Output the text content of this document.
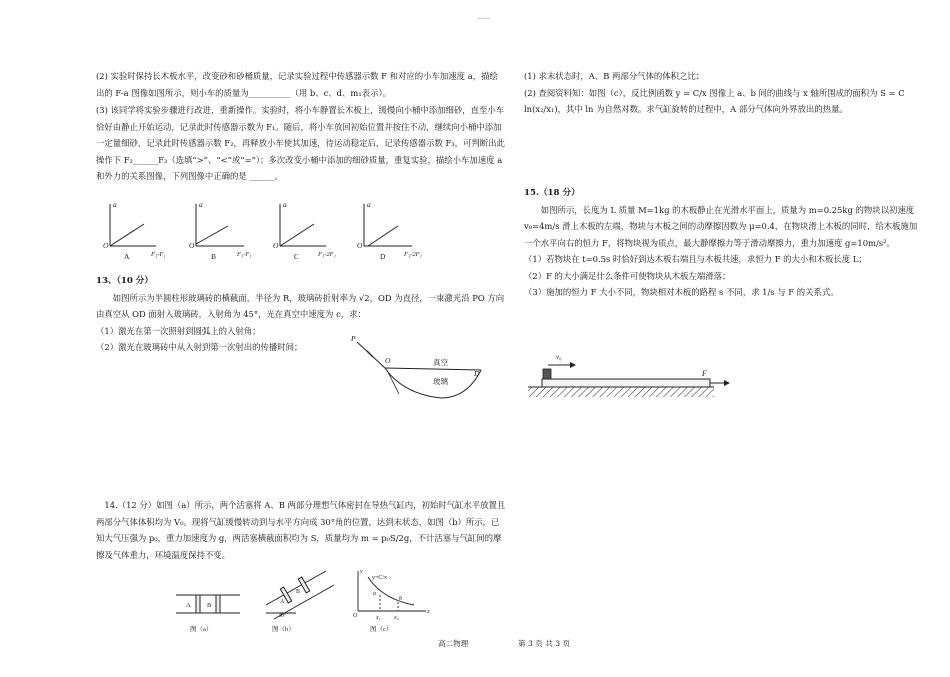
·ㅡ·
(2) 实验时保持长木板水平，改变砂和砂桶质量，记录实验过程中传感器示数 F 和对应的小车加速度 a，描绘出的 F-a 图像如图所示，则小车的质量为__________（用 b、c、d、m₁表示）。
(3) 该同学将实验步骤进行改进，重新操作。实验时，将小车静置长木板上，缓慢向小桶中添加细砂，直至小车恰好由静止开始运动，记录此时传感器示数为 F₁。随后，将小车放回初始位置并按住不动，继续向小桶中添加一定量细砂，记录此时传感器示数 F₂，再释放小车使其加速，待运动稳定后，记录传感器示数 F₃，可判断出此操作下 F₂______F₃（选填“>”、“<”或“=”）；多次改变小桶中添加的细砂质量，重复实验，描绘小车加速度 a 和外力的关系图像，下列图像中正确的是 ______。
a
O
F₃-F₁
A
a
O
F₃-F₁
B
a
O
F₃-2F₁
C
a
O
F₃-2F₁
D
13、（10 分）
如图所示为半圆柱形玻璃砖的横截面，半径为 R，玻璃砖折射率为 √2，OD 为直径，一束激光沿 PO 方向由真空从 OD 面射入玻璃砖，入射角为 45°，光在真空中速度为 c，求：
（1）激光在第一次照射到圆弧上的入射角；
（2）激光在玻璃砖中从入射到第一次射出的传播时间；
P
O
D
真空
玻璃
14.（12 分）如图（a）所示，两个活塞将 A、B 两部分理想气体密封在导热气缸内，初始时气缸水平放置且两部分气体体积均为 V₀。现将气缸缓慢转动到与水平方向成 30°角的位置，达到末状态，如图（b）所示，已知大气压强为 p₀，重力加速度为 g，两活塞横截面积均为 S，质量均为 m = p₀S/2g，不计活塞与气缸间的摩擦及气体重力，环境温度保持不变。
A	B
图（a）
A
B
30°
图（b）
y
x
O
y=C/x
a
b
x₁ x₂
图（c）
(1) 求末状态时，A、B 两部分气体的体积之比；
(2) 查阅资料知：如图（c），反比例函数 y = C/x 图像上 a、b 间的曲线与 x 轴所围成的面积为 S = C ln(x₂/x₁)，其中 ln 为自然对数。求气缸旋转的过程中，A 部分气体向外界放出的热量。
15.（18 分）
如图所示，长度为 L 质量 M=1kg 的木板静止在光滑水平面上，质量为 m=0.25kg 的物块以初速度 v₀=4m/s 滑上木板的左端，物块与木板之间的动摩擦因数为 μ=0.4，在物块滑上木板的同时，给木板施加一个水平向右的恒力 F，将物块视为质点，最大静摩擦力等于滑动摩擦力，重力加速度 g=10m/s²。
（1）若物块在 t=0.5s 时恰好到达木板右端且与木板共速，求恒力 F 的大小和木板长度 L；
（2）F 的大小满足什么条件可使物块从木板左端滑落；
（3）施加的恒力 F 大小不同，物块相对木板的路程 s 不同，求 1/s 与 F 的关系式。
v₀
F
高二物理	第 3 页 共 3 页
